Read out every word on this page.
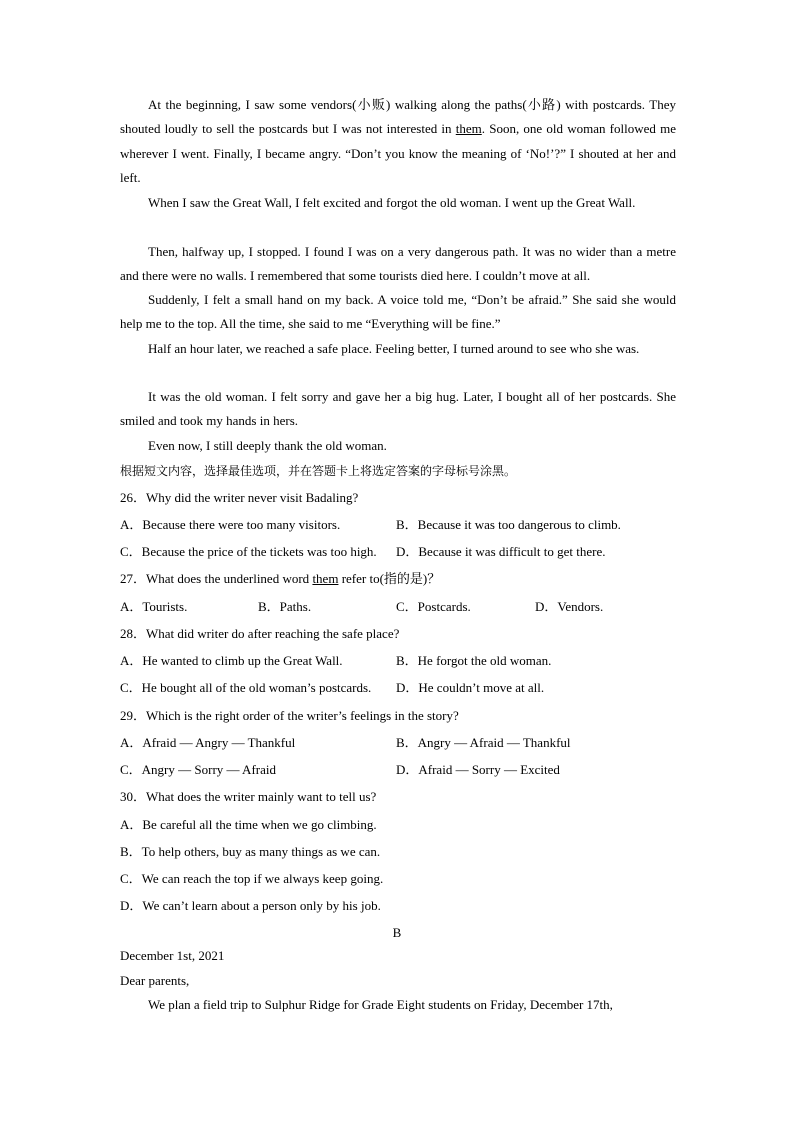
At the beginning, I saw some vendors(小贩) walking along the paths(小路) with postcards. They shouted loudly to sell the postcards but I was not interested in them. Soon, one old woman followed me wherever I went. Finally, I became angry. “Don’t you know the meaning of ‘No!’?” I shouted at her and left.

When I saw the Great Wall, I felt excited and forgot the old woman. I went up the Great Wall.

Then, halfway up, I stopped. I found I was on a very dangerous path. It was no wider than a metre and there were no walls. I remembered that some tourists died here. I couldn’t move at all.

Suddenly, I felt a small hand on my back. A voice told me, “Don’t be afraid.” She said she would help me to the top. All the time, she said to me “Everything will be fine.”

Half an hour later, we reached a safe place. Feeling better, I turned around to see who she was.

It was the old woman. I felt sorry and gave her a big hug. Later, I bought all of her postcards. She smiled and took my hands in hers.

Even now, I still deeply thank the old woman.

根据短文内容，选择最佳选项，并在答题卡上将选定答案的字母标号涂黑。

26．Why did the writer never visit Badaling?

A．Because there were too many visitors.	B．Because it was too dangerous to climb.
C．Because the price of the tickets was too high. D．Because it was difficult to get there.

27．What does the underlined word them refer to(指的是)？

A．Tourists.	B．Paths.	C．Postcards.	D．Vendors.

28．What did writer do after reaching the safe place?

A．He wanted to climb up the Great Wall.	B．He forgot the old woman.
C．He bought all of the old woman’s postcards. D．He couldn’t move at all.

29．Which is the right order of the writer’s feelings in the story?

A．Afraid — Angry — Thankful	B．Angry — Afraid — Thankful
C．Angry — Sorry — Afraid	D．Afraid — Sorry — Excited

30．What does the writer mainly want to tell us?

A．Be careful all the time when we go climbing.
B．To help others, buy as many things as we can.
C．We can reach the top if we always keep going.
D．We can’t learn about a person only by his job.
B

December 1st, 2021

Dear parents,

We plan a field trip to Sulphur Ridge for Grade Eight students on Friday, December 17th,
